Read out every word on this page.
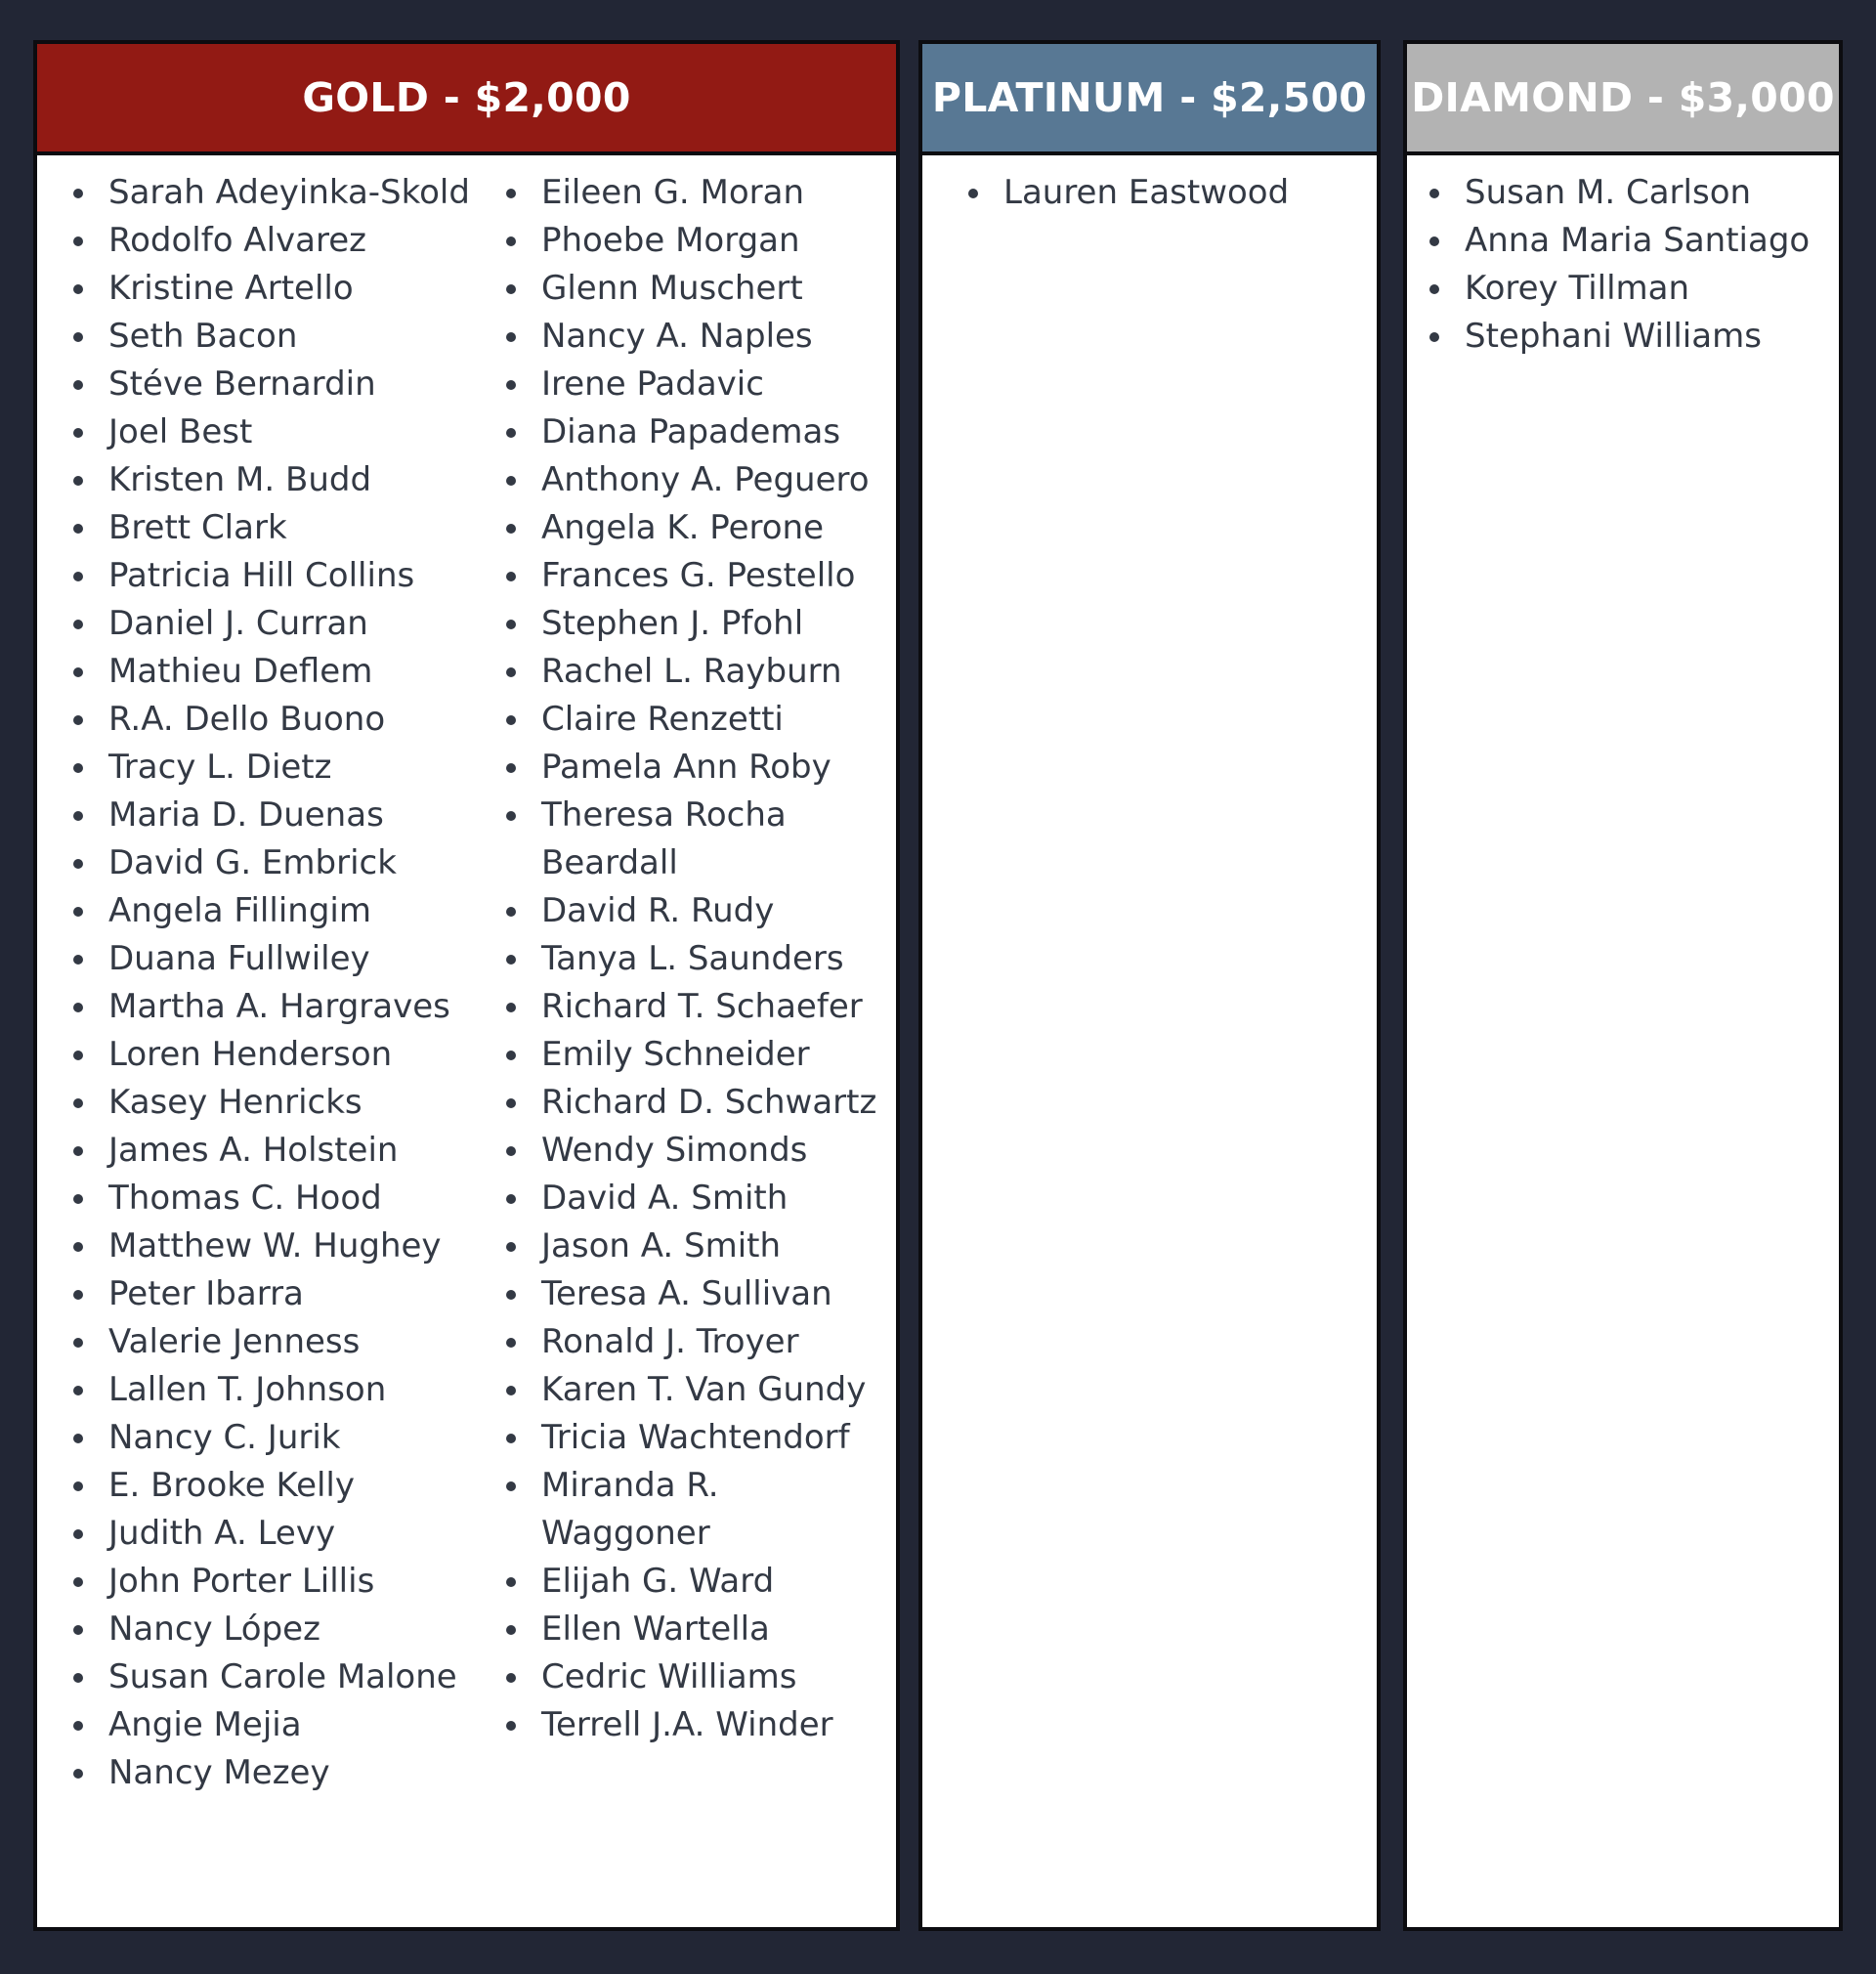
GOLD - $2,000
Sarah Adeyinka-Skold
Rodolfo Alvarez
Kristine Artello
Seth Bacon
Stéve Bernardin
Joel Best
Kristen M. Budd
Brett Clark
Patricia Hill Collins
Daniel J. Curran
Mathieu Deflem
R.A. Dello Buono
Tracy L. Dietz
Maria D. Duenas
David G. Embrick
Angela Fillingim
Duana Fullwiley
Martha A. Hargraves
Loren Henderson
Kasey Henricks
James A. Holstein
Thomas C. Hood
Matthew W. Hughey
Peter Ibarra
Valerie Jenness
Lallen T. Johnson
Nancy C. Jurik
E. Brooke Kelly
Judith A. Levy
John Porter Lillis
Nancy López
Susan Carole Malone
Angie Mejia
Nancy Mezey
Eileen G. Moran
Phoebe Morgan
Glenn Muschert
Nancy A. Naples
Irene Padavic
Diana Papademas
Anthony A. Peguero
Angela K. Perone
Frances G. Pestello
Stephen J. Pfohl
Rachel L. Rayburn
Claire Renzetti
Pamela Ann Roby
Theresa Rocha
Beardall
David R. Rudy
Tanya L. Saunders
Richard T. Schaefer
Emily Schneider
Richard D. Schwartz
Wendy Simonds
David A. Smith
Jason A. Smith
Teresa A. Sullivan
Ronald J. Troyer
Karen T. Van Gundy
Tricia Wachtendorf
Miranda R.
Waggoner
Elijah G. Ward
Ellen Wartella
Cedric Williams
Terrell J.A. Winder
PLATINUM - $2,500
Lauren Eastwood
DIAMOND - $3,000
Susan M. Carlson
Anna Maria Santiago
Korey Tillman
Stephani Williams
